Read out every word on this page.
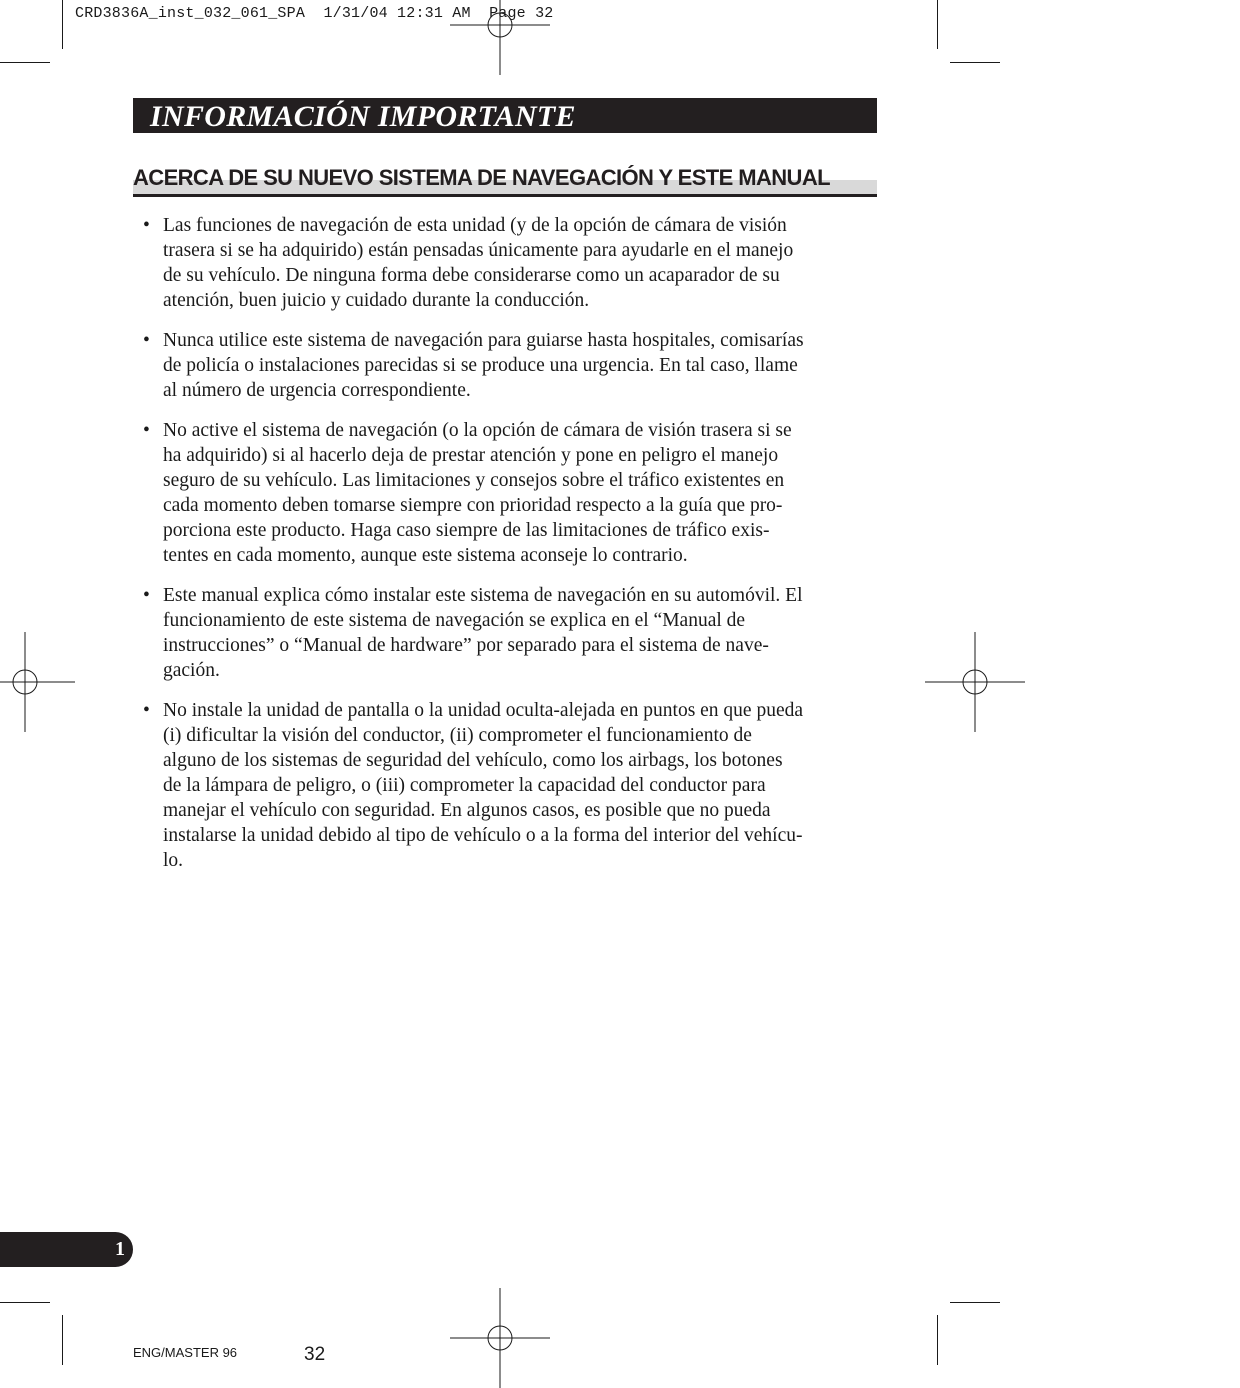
CRD3836A_inst_032_061_SPA  1/31/04 12:31 AM  Page 32
INFORMACIÓN IMPORTANTE
ACERCA DE SU NUEVO SISTEMA DE NAVEGACIÓN Y ESTE MANUAL
• Las funciones de navegación de esta unidad (y de la opción de cámara de visión
trasera si se ha adquirido) están pensadas únicamente para ayudarle en el manejo
de su vehículo. De ninguna forma debe considerarse como un acaparador de su
atención, buen juicio y cuidado durante la conducción.
• Nunca utilice este sistema de navegación para guiarse hasta hospitales, comisarías
de policía o instalaciones parecidas si se produce una urgencia. En tal caso, llame
al número de urgencia correspondiente.
• No active el sistema de navegación (o la opción de cámara de visión trasera si se
ha adquirido) si al hacerlo deja de prestar atención y pone en peligro el manejo
seguro de su vehículo. Las limitaciones y consejos sobre el tráfico existentes en
cada momento deben tomarse siempre con prioridad respecto a la guía que pro-
porciona este producto. Haga caso siempre de las limitaciones de tráfico exis-
tentes en cada momento, aunque este sistema aconseje lo contrario.
• Este manual explica cómo instalar este sistema de navegación en su automóvil. El
funcionamiento de este sistema de navegación se explica en el “Manual de
instrucciones” o “Manual de hardware” por separado para el sistema de nave-
gación.
• No instale la unidad de pantalla o la unidad oculta-alejada en puntos en que pueda
(i) dificultar la visión del conductor, (ii) comprometer el funcionamiento de
alguno de los sistemas de seguridad del vehículo, como los airbags, los botones
de la lámpara de peligro, o (iii) comprometer la capacidad del conductor para
manejar el vehículo con seguridad. En algunos casos, es posible que no pueda
instalarse la unidad debido al tipo de vehículo o a la forma del interior del vehícu-
lo.
1
ENG/MASTER 96	32
